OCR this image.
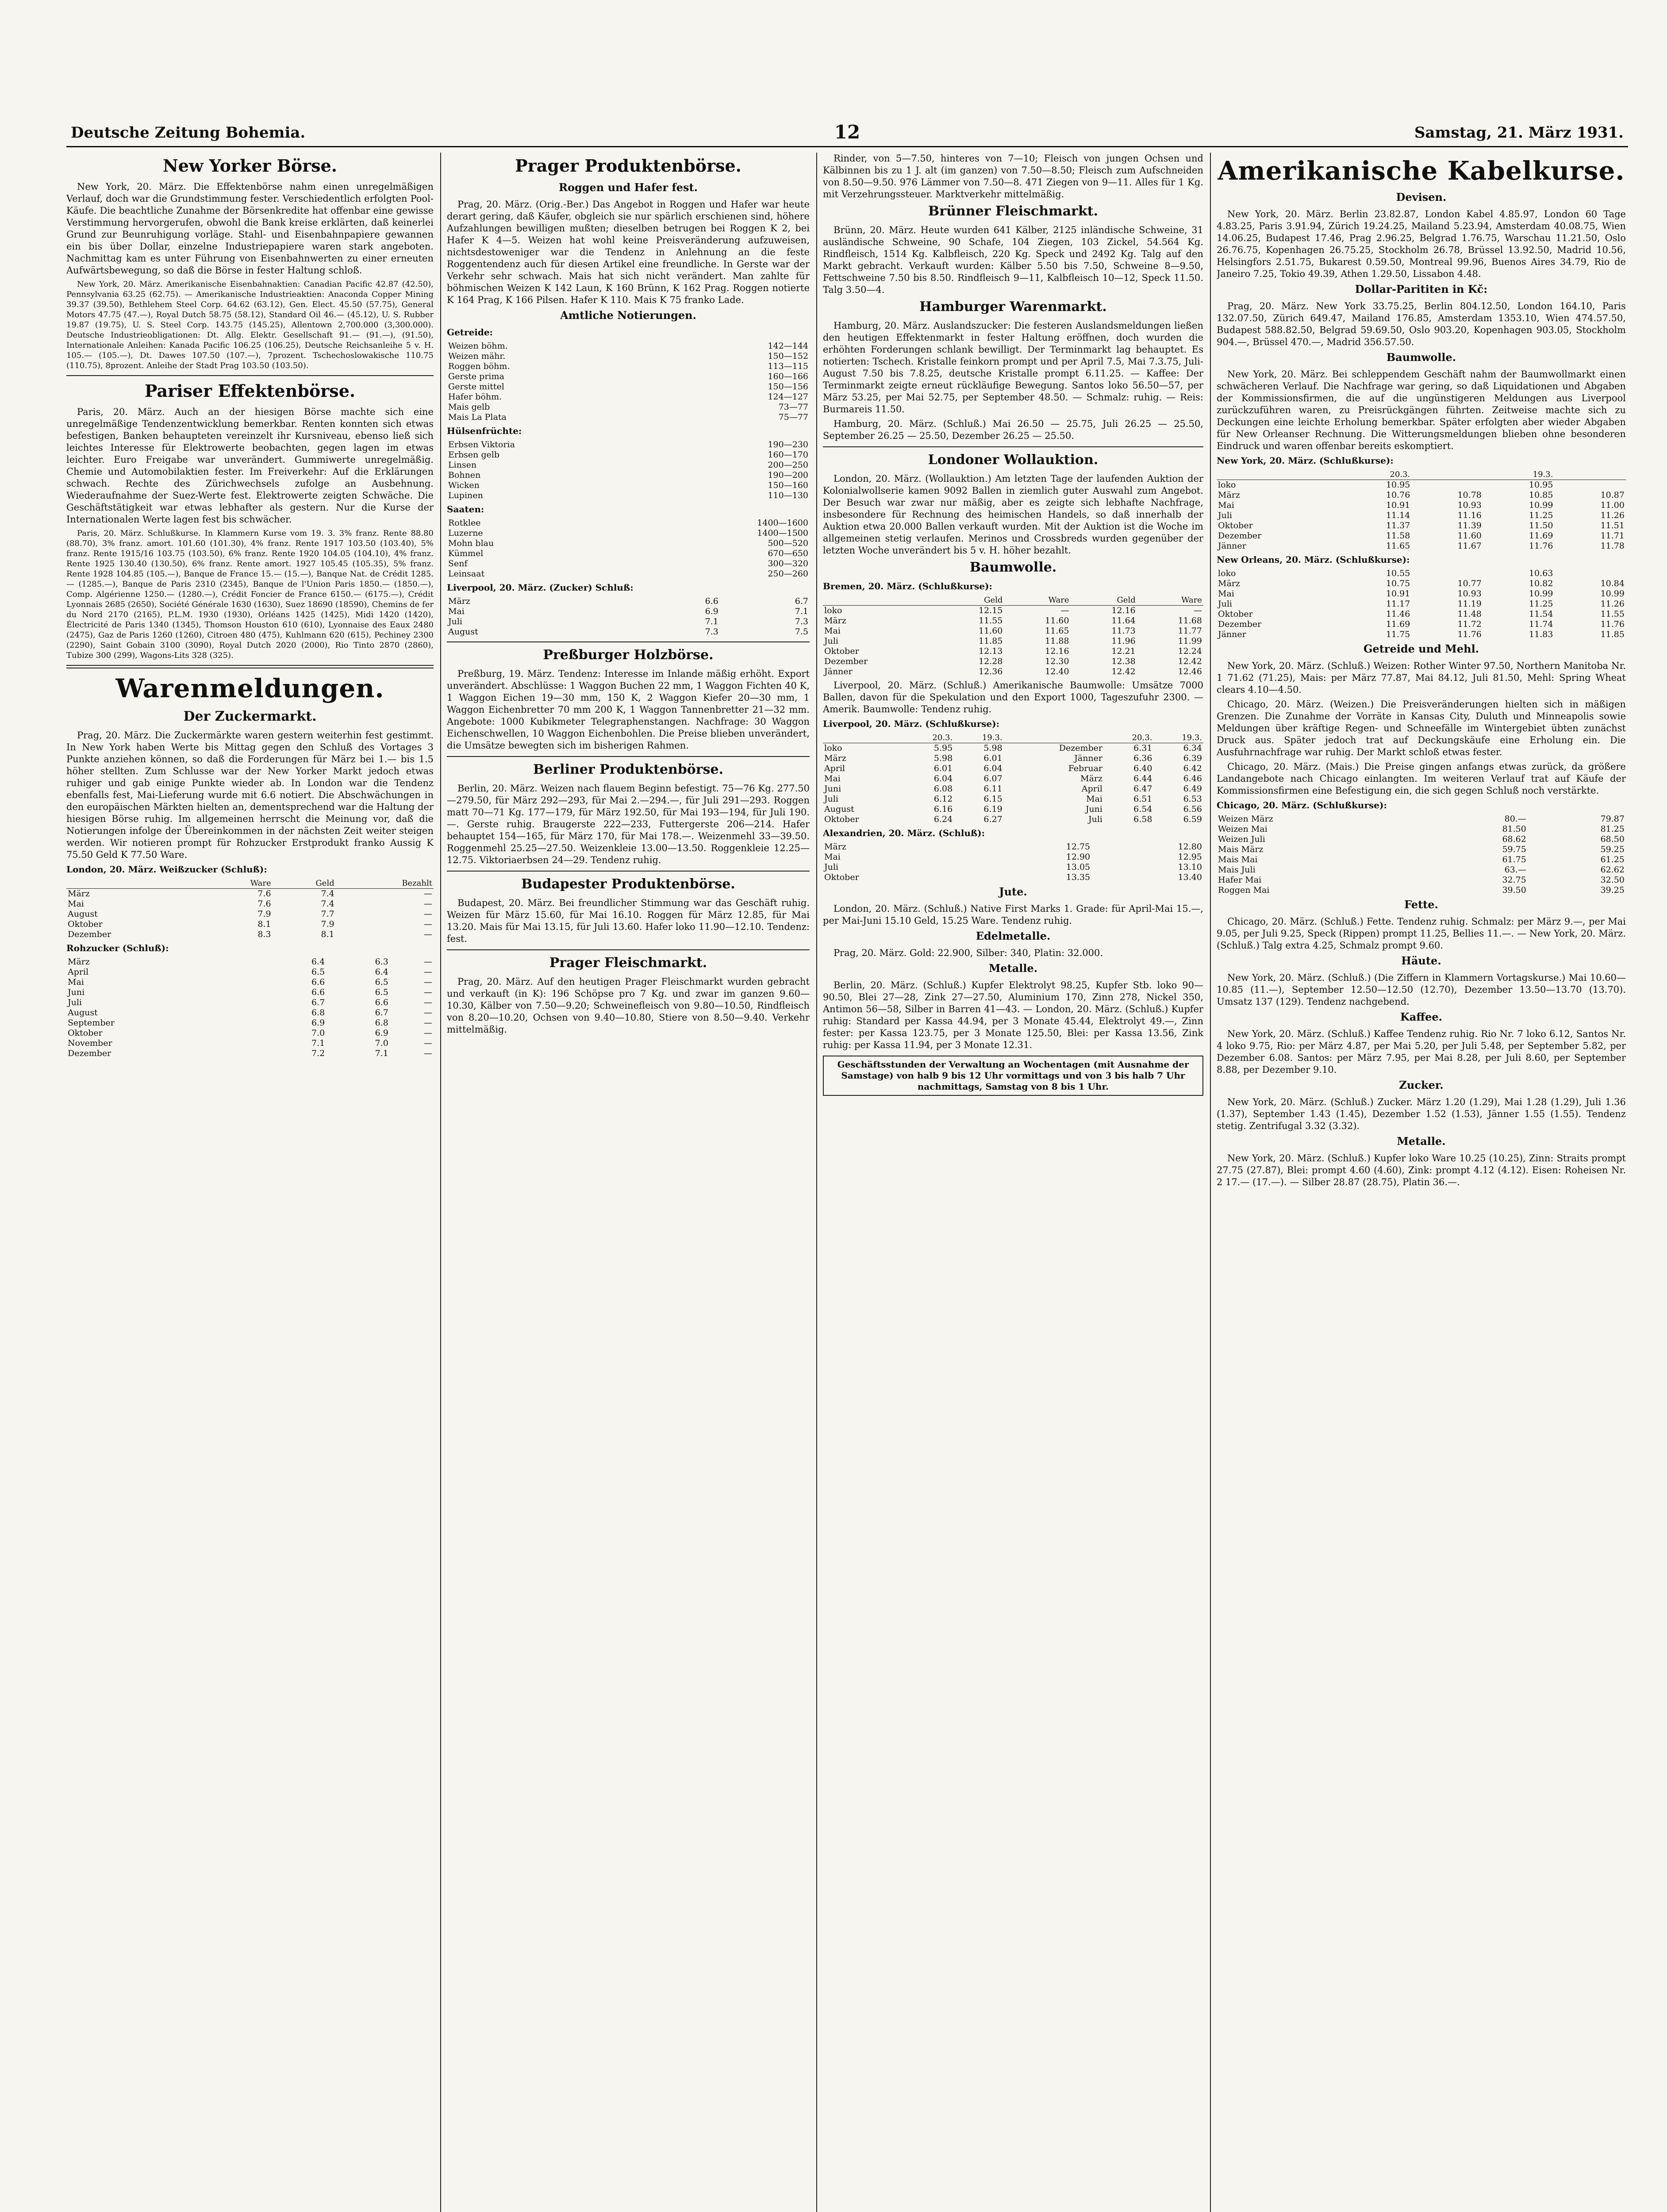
Deutsche Zeitung Bohemia.	12	Samstag, 21. März 1931.
New Yorker Börse.

New York, 20. März. Die Effektenbörse nahm einen unregelmäßigen Verlauf, doch war die Grundstimmung fester. Verschiedentlich erfolgten Pool-Käufe. Die beachtliche Zunahme der Börsenkredite hat offenbar eine gewisse Verstimmung hervorgerufen, obwohl die Bank kreise erklärten, daß keinerlei Grund zur Beunruhigung vorläge. Stahl- und Eisenbahnpapiere gewannen ein bis über Dollar, einzelne Industriepapiere waren stark angeboten. Nachmittag kam es unter Führung von Eisenbahnwerten zu einer erneuten Aufwärtsbewegung, so daß die Börse in fester Haltung schloß.

New York, 20. März. Amerikanische Eisenbahnaktien: Canadian Pacific 42.87 (42.50), Pennsylvania 63.25 (62.75). — Amerikanische Industrieaktien: Anaconda Copper Mining 39.37 (39.50), Bethlehem Steel Corp. 64.62 (63.12), Gen. Elect. 45.50 (57.75), General Motors 47.75 (47.—), Royal Dutch 58.75 (58.12), Standard Oil 46.— (45.12), U. S. Rubber 19.87 (19.75), U. S. Steel Corp. 143.75 (145.25), Allentown 2,700.000 (3,300.000). Deutsche Industrieobligationen: Dt. Allg. Elektr. Gesellschaft 91.— (91.—), (91.50), Internationale Anleihen: Kanada Pacific 106.25 (106.25), Deutsche Reichsanleihe 5 v. H. 105.— (105.—), Dt. Dawes 107.50 (107.—), 7prozent. Tschechoslowakische 110.75 (110.75), 8prozent. Anleihe der Stadt Prag 103.50 (103.50).

Pariser Effektenbörse.

Paris, 20. März. Auch an der hiesigen Börse machte sich eine unregelmäßige Tendenzentwicklung bemerkbar. Renten konnten sich etwas befestigen, Banken behaupteten vereinzelt ihr Kursniveau, ebenso ließ sich leichtes Interesse für Elektrowerte beobachten, gegen lagen im etwas leichter. Euro Freigabe war unverändert. Gummiwerte unregelmäßig. Chemie und Automobilaktien fester. Im Freiverkehr: Auf die Erklärungen schwach. Rechte des Zürichwechsels zufolge an Ausbehnung. Wiederaufnahme der Suez-Werte fest. Elektrowerte zeigten Schwäche. Die Geschäftstätigkeit war etwas lebhafter als gestern. Nur die Kurse der Internationalen Werte lagen fest bis schwächer.

Paris, 20. März. Schlußkurse. In Klammern Kurse vom 19. 3. 3% franz. Rente 88.80 (88.70), 3% franz. amort. 101.60 (101.30), 4% franz. Rente 1917 103.50 (103.40), 5% franz. Rente 1915/16 103.75 (103.50), 6% franz. Rente 1920 104.05 (104.10), 4% franz. Rente 1925 130.40 (130.50), 6% franz. Rente amort. 1927 105.45 (105.35), 5% franz. Rente 1928 104.85 (105.—), Banque de France 15.— (15.—), Banque Nat. de Crédit 1285.— (1285.—), Banque de Paris 2310 (2345), Banque de l'Union Paris 1850.— (1850.—), Comp. Algérienne 1250.— (1280.—), Crédit Foncier de France 6150.— (6175.—), Crédit Lyonnais 2685 (2650), Société Générale 1630 (1630), Suez 18690 (18590), Chemins de fer du Nord 2170 (2165), P.L.M. 1930 (1930), Orléans 1425 (1425), Midi 1420 (1420), Électricité de Paris 1340 (1345), Thomson Houston 610 (610), Lyonnaise des Eaux 2480 (2475), Gaz de Paris 1260 (1260), Citroen 480 (475), Kuhlmann 620 (615), Pechiney 2300 (2290), Saint Gobain 3100 (3090), Royal Dutch 2020 (2000), Rio Tinto 2870 (2860), Tubize 300 (299), Wagons-Lits 328 (325).

Warenmeldungen.
Der Zuckermarkt.

Prag, 20. März. Die Zuckermärkte waren gestern weiterhin fest gestimmt. In New York haben Werte bis Mittag gegen den Schluß des Vortages 3 Punkte anziehen können, so daß die Forderungen für März bei 1.— bis 1.5 höher stellten. Zum Schlusse war der New Yorker Markt jedoch etwas ruhiger und gab einige Punkte wieder ab. In London war die Tendenz ebenfalls fest, Mai-Lieferung wurde mit 6.6 notiert. Die Abschwächungen in den europäischen Märkten hielten an, dementsprechend war die Haltung der hiesigen Börse ruhig. Im allgemeinen herrscht die Meinung vor, daß die Notierungen infolge der Übereinkommen in der nächsten Zeit weiter steigen werden. Wir notieren prompt für Rohzucker Erstprodukt franko Aussig K 75.50 Geld K 77.50 Ware.

London, 20. März. Weißzucker (Schluß):
	Ware	Geld	Bezahlt
März	7.6	7.4	—
Mai	7.6	7.4	—
August	7.9	7.7	—
Oktober	8.1	7.9	—
Dezember	8.3	8.1	—
Rohzucker (Schluß):
März	6.4	6.3	—
April	6.5	6.4	—
Mai	6.6	6.5	—
Juni	6.6	6.5	—
Juli	6.7	6.6	—
August	6.8	6.7	—
September	6.9	6.8	—
Oktober	7.0	6.9	—
November	7.1	7.0	—
Dezember	7.2	7.1	—
Prager Produktenbörse.
Roggen und Hafer fest.

Prag, 20. März. (Orig.-Ber.) Das Angebot in Roggen und Hafer war heute derart gering, daß Käufer, obgleich sie nur spärlich erschienen sind, höhere Aufzahlungen bewilligen mußten; dieselben betrugen bei Roggen K 2, bei Hafer K 4—5. Weizen hat wohl keine Preisveränderung aufzuweisen, nichtsdestoweniger war die Tendenz in Anlehnung an die feste Roggentendenz auch für diesen Artikel eine freundliche. In Gerste war der Verkehr sehr schwach. Mais hat sich nicht verändert. Man zahlte für böhmischen Weizen K 142 Laun, K 160 Brünn, K 162 Prag. Roggen notierte K 164 Prag, K 166 Pilsen. Hafer K 110. Mais K 75 franko Lade.

Amtliche Notierungen.
Getreide:
Weizen böhm.	142—144
Weizen mähr.	150—152
Roggen böhm.	113—115
Gerste prima	160—166
Gerste mittel	150—156
Hafer böhm.	124—127
Mais gelb	73—77
Mais La Plata	75—77
Hülsenfrüchte:
Erbsen Viktoria	190—230
Erbsen gelb	160—170
Linsen	200—250
Bohnen	190—200
Wicken	150—160
Lupinen	110—130
Saaten:
Rotklee	1400—1600
Luzerne	1400—1500
Mohn blau	500—520
Kümmel	670—650
Senf	300—320
Leinsaat	250—260
Liverpool, 20. März. (Zucker) Schluß:
März	6.6	6.7
Mai	6.9	7.1
Juli	7.1	7.3
August	7.3	7.5
Preßburger Holzbörse.

Preßburg, 19. März. Tendenz: Interesse im Inlande mäßig erhöht. Export unverändert. Abschlüsse: 1 Waggon Buchen 22 mm, 1 Waggon Fichten 40 K, 1 Waggon Eichen 19—30 mm, 150 K, 2 Waggon Kiefer 20—30 mm, 1 Waggon Eichenbretter 70 mm 200 K, 1 Waggon Tannenbretter 21—32 mm. Angebote: 1000 Kubikmeter Telegraphenstangen. Nachfrage: 30 Waggon Eichenschwellen, 10 Waggon Eichenbohlen. Die Preise blieben unverändert, die Umsätze bewegten sich im bisherigen Rahmen.

Berliner Produktenbörse.

Berlin, 20. März. Weizen nach flauem Beginn befestigt. 75—76 Kg. 277.50—279.50, für März 292—293, für Mai 2.—294.—, für Juli 291—293. Roggen matt 70—71 Kg. 177—179, für März 192.50, für Mai 193—194, für Juli 190.—. Gerste ruhig. Braugerste 222—233, Futtergerste 206—214. Hafer behauptet 154—165, für März 170, für Mai 178.—. Weizenmehl 33—39.50. Roggenmehl 25.25—27.50. Weizenkleie 13.00—13.50. Roggenkleie 12.25—12.75. Viktoriaerbsen 24—29. Tendenz ruhig.

Budapester Produktenbörse.

Budapest, 20. März. Bei freundlicher Stimmung war das Geschäft ruhig. Weizen für März 15.60, für Mai 16.10. Roggen für März 12.85, für Mai 13.20. Mais für Mai 13.15, für Juli 13.60. Hafer loko 11.90—12.10. Tendenz: fest.

Prager Fleischmarkt.

Prag, 20. März. Auf den heutigen Prager Fleischmarkt wurden gebracht und verkauft (in K): 196 Schöpse pro 7 Kg. und zwar im ganzen 9.60—10.30, Kälber von 7.50—9.20; Schweinefleisch von 9.80—10.50, Rindfleisch von 8.20—10.20, Ochsen von 9.40—10.80, Stiere von 8.50—9.40. Verkehr mittelmäßig.

Rinder, von 5—7.50, hinteres von 7—10; Fleisch von jungen Ochsen und Kälbinnen bis zu 1 J. alt (im ganzen) von 7.50—8.50; Fleisch zum Aufschneiden von 8.50—9.50. 976 Lämmer von 7.50—8. 471 Ziegen von 9—11. Alles für 1 Kg. mit Verzehrungssteuer. Marktverkehr mittelmäßig.

Brünner Fleischmarkt.

Brünn, 20. März. Heute wurden 641 Kälber, 2125 inländische Schweine, 31 ausländische Schweine, 90 Schafe, 104 Ziegen, 103 Zickel, 54.564 Kg. Rindfleisch, 1514 Kg. Kalbfleisch, 220 Kg. Speck und 2492 Kg. Talg auf den Markt gebracht. Verkauft wurden: Kälber 5.50 bis 7.50, Schweine 8—9.50, Fettschweine 7.50 bis 8.50. Rindfleisch 9—11, Kalbfleisch 10—12, Speck 11.50. Talg 3.50—4.

Hamburger Warenmarkt.

Hamburg, 20. März. Auslandszucker: Die festeren Auslandsmeldungen ließen den heutigen Effektenmarkt in fester Haltung eröffnen, doch wurden die erhöhten Forderungen schlank bewilligt. Der Terminmarkt lag behauptet. Es notierten: Tschech. Kristalle feinkorn prompt und per April 7.5, Mai 7.3.75, Juli-August 7.50 bis 7.8.25, deutsche Kristalle prompt 6.11.25. — Kaffee: Der Terminmarkt zeigte erneut rückläufige Bewegung. Santos loko 56.50—57, per März 53.25, per Mai 52.75, per September 48.50. — Schmalz: ruhig. — Reis: Burmareis 11.50.

Hamburg, 20. März. (Schluß.) Mai 26.50 — 25.75, Juli 26.25 — 25.50, September 26.25 — 25.50, Dezember 26.25 — 25.50.

Londoner Wollauktion.

London, 20. März. (Wollauktion.) Am letzten Tage der laufenden Auktion der Kolonialwollserie kamen 9092 Ballen in ziemlich guter Auswahl zum Angebot. Der Besuch war zwar nur mäßig, aber es zeigte sich lebhafte Nachfrage, insbesondere für Rechnung des heimischen Handels, so daß innerhalb der Auktion etwa 20.000 Ballen verkauft wurden. Mit der Auktion ist die Woche im allgemeinen stetig verlaufen. Merinos und Crossbreds wurden gegenüber der letzten Woche unverändert bis 5 v. H. höher bezahlt.

Baumwolle.
Bremen, 20. März. (Schlußkurse):
	Geld	Ware	Geld	Ware
loko	12.15	—	12.16	—
März	11.55	11.60	11.64	11.68
Mai	11.60	11.65	11.73	11.77
Juli	11.85	11.88	11.96	11.99
Oktober	12.13	12.16	12.21	12.24
Dezember	12.28	12.30	12.38	12.42
Jänner	12.36	12.40	12.42	12.46

Liverpool, 20. März. (Schluß.) Amerikanische Baumwolle: Umsätze 7000 Ballen, davon für die Spekulation und den Export 1000, Tageszufuhr 2300. — Amerik. Baumwolle: Tendenz ruhig.

Liverpool, 20. März. (Schlußkurse):
	20.3.	19.3.		20.3.	19.3.
loko	5.95	5.98	Dezember	6.31	6.34
März	5.98	6.01	Jänner	6.36	6.39
April	6.01	6.04	Februar	6.40	6.42
Mai	6.04	6.07	März	6.44	6.46
Juni	6.08	6.11	April	6.47	6.49
Juli	6.12	6.15	Mai	6.51	6.53
August	6.16	6.19	Juni	6.54	6.56
Oktober	6.24	6.27	Juli	6.58	6.59
Alexandrien, 20. März. (Schluß):
März	12.75	12.80
Mai	12.90	12.95
Juli	13.05	13.10
Oktober	13.35	13.40
Jute.

London, 20. März. (Schluß.) Native First Marks 1. Grade: für April-Mai 15.—, per Mai-Juni 15.10 Geld, 15.25 Ware. Tendenz ruhig.

Edelmetalle.

Prag, 20. März. Gold: 22.900, Silber: 340, Platin: 32.000.

Metalle.

Berlin, 20. März. (Schluß.) Kupfer Elektrolyt 98.25, Kupfer Stb. loko 90—90.50, Blei 27—28, Zink 27—27.50, Aluminium 170, Zinn 278, Nickel 350, Antimon 56—58, Silber in Barren 41—43. — London, 20. März. (Schluß.) Kupfer ruhig: Standard per Kassa 44.94, per 3 Monate 45.44, Elektrolyt 49.—, Zinn fester: per Kassa 123.75, per 3 Monate 125.50, Blei: per Kassa 13.56, Zink ruhig: per Kassa 11.94, per 3 Monate 12.31.

Geschäftsstunden der Verwaltung an Wochentagen (mit Ausnahme der Samstage) von halb 9 bis 12 Uhr vormittags und von 3 bis halb 7 Uhr nachmittags, Samstag von 8 bis 1 Uhr.
Amerikanische Kabelkurse.
Devisen.

New York, 20. März. Berlin 23.82.87, London Kabel 4.85.97, London 60 Tage 4.83.25, Paris 3.91.94, Zürich 19.24.25, Mailand 5.23.94, Amsterdam 40.08.75, Wien 14.06.25, Budapest 17.46, Prag 2.96.25, Belgrad 1.76.75, Warschau 11.21.50, Oslo 26.76.75, Kopenhagen 26.75.25, Stockholm 26.78, Brüssel 13.92.50, Madrid 10.56, Helsingfors 2.51.75, Bukarest 0.59.50, Montreal 99.96, Buenos Aires 34.79, Rio de Janeiro 7.25, Tokio 49.39, Athen 1.29.50, Lissabon 4.48.

Dollar-Parititen in Kč:

Prag, 20. März. New York 33.75.25, Berlin 804.12.50, London 164.10, Paris 132.07.50, Zürich 649.47, Mailand 176.85, Amsterdam 1353.10, Wien 474.57.50, Budapest 588.82.50, Belgrad 59.69.50, Oslo 903.20, Kopenhagen 903.05, Stockholm 904.—, Brüssel 470.—, Madrid 356.57.50.

Baumwolle.

New York, 20. März. Bei schleppendem Geschäft nahm der Baumwollmarkt einen schwächeren Verlauf. Die Nachfrage war gering, so daß Liquidationen und Abgaben der Kommissionsfirmen, die auf die ungünstigeren Meldungen aus Liverpool zurückzuführen waren, zu Preisrückgängen führten. Zeitweise machte sich zu Deckungen eine leichte Erholung bemerkbar. Später erfolgten aber wieder Abgaben für New Orleanser Rechnung. Die Witterungsmeldungen blieben ohne besonderen Eindruck und waren offenbar bereits eskomptiert.

New York, 20. März. (Schlußkurse):
	20.3.		19.3.	
loko	10.95		10.95	
März	10.76	10.78	10.85	10.87
Mai	10.91	10.93	10.99	11.00
Juli	11.14	11.16	11.25	11.26
Oktober	11.37	11.39	11.50	11.51
Dezember	11.58	11.60	11.69	11.71
Jänner	11.65	11.67	11.76	11.78
New Orleans, 20. März. (Schlußkurse):
loko	10.55		10.63	
März	10.75	10.77	10.82	10.84
Mai	10.91	10.93	10.99	10.99
Juli	11.17	11.19	11.25	11.26
Oktober	11.46	11.48	11.54	11.55
Dezember	11.69	11.72	11.74	11.76
Jänner	11.75	11.76	11.83	11.85
Getreide und Mehl.

New York, 20. März. (Schluß.) Weizen: Rother Winter 97.50, Northern Manitoba Nr. 1 71.62 (71.25), Mais: per März 77.87, Mai 84.12, Juli 81.50, Mehl: Spring Wheat clears 4.10—4.50.

Chicago, 20. März. (Weizen.) Die Preisveränderungen hielten sich in mäßigen Grenzen. Die Zunahme der Vorräte in Kansas City, Duluth und Minneapolis sowie Meldungen über kräftige Regen- und Schneefälle im Wintergebiet übten zunächst Druck aus. Später jedoch trat auf Deckungskäufe eine Erholung ein. Die Ausfuhrnachfrage war ruhig. Der Markt schloß etwas fester.

Chicago, 20. März. (Mais.) Die Preise gingen anfangs etwas zurück, da größere Landangebote nach Chicago einlangten. Im weiteren Verlauf trat auf Käufe der Kommissionsfirmen eine Befestigung ein, die sich gegen Schluß noch verstärkte.

Chicago, 20. März. (Schlußkurse):
Weizen März	80.—	79.87
Weizen Mai	81.50	81.25
Weizen Juli	68.62	68.50
Mais März	59.75	59.25
Mais Mai	61.75	61.25
Mais Juli	63.—	62.62
Hafer Mai	32.75	32.50
Roggen Mai	39.50	39.25
Fette.

Chicago, 20. März. (Schluß.) Fette. Tendenz ruhig. Schmalz: per März 9.—, per Mai 9.05, per Juli 9.25, Speck (Rippen) prompt 11.25, Bellies 11.—. — New York, 20. März. (Schluß.) Talg extra 4.25, Schmalz prompt 9.60.

Häute.

New York, 20. März. (Schluß.) (Die Ziffern in Klammern Vortagskurse.) Mai 10.60—10.85 (11.—), September 12.50—12.50 (12.70), Dezember 13.50—13.70 (13.70). Umsatz 137 (129). Tendenz nachgebend.

Kaffee.

New York, 20. März. (Schluß.) Kaffee Tendenz ruhig. Rio Nr. 7 loko 6.12, Santos Nr. 4 loko 9.75, Rio: per März 4.87, per Mai 5.20, per Juli 5.48, per September 5.82, per Dezember 6.08. Santos: per März 7.95, per Mai 8.28, per Juli 8.60, per September 8.88, per Dezember 9.10.

Zucker.

New York, 20. März. (Schluß.) Zucker. März 1.20 (1.29), Mai 1.28 (1.29), Juli 1.36 (1.37), September 1.43 (1.45), Dezember 1.52 (1.53), Jänner 1.55 (1.55). Tendenz stetig. Zentrifugal 3.32 (3.32).

Metalle.

New York, 20. März. (Schluß.) Kupfer loko Ware 10.25 (10.25), Zinn: Straits prompt 27.75 (27.87), Blei: prompt 4.60 (4.60), Zink: prompt 4.12 (4.12). Eisen: Roheisen Nr. 2 17.— (17.—). — Silber 28.87 (28.75), Platin 36.—.
